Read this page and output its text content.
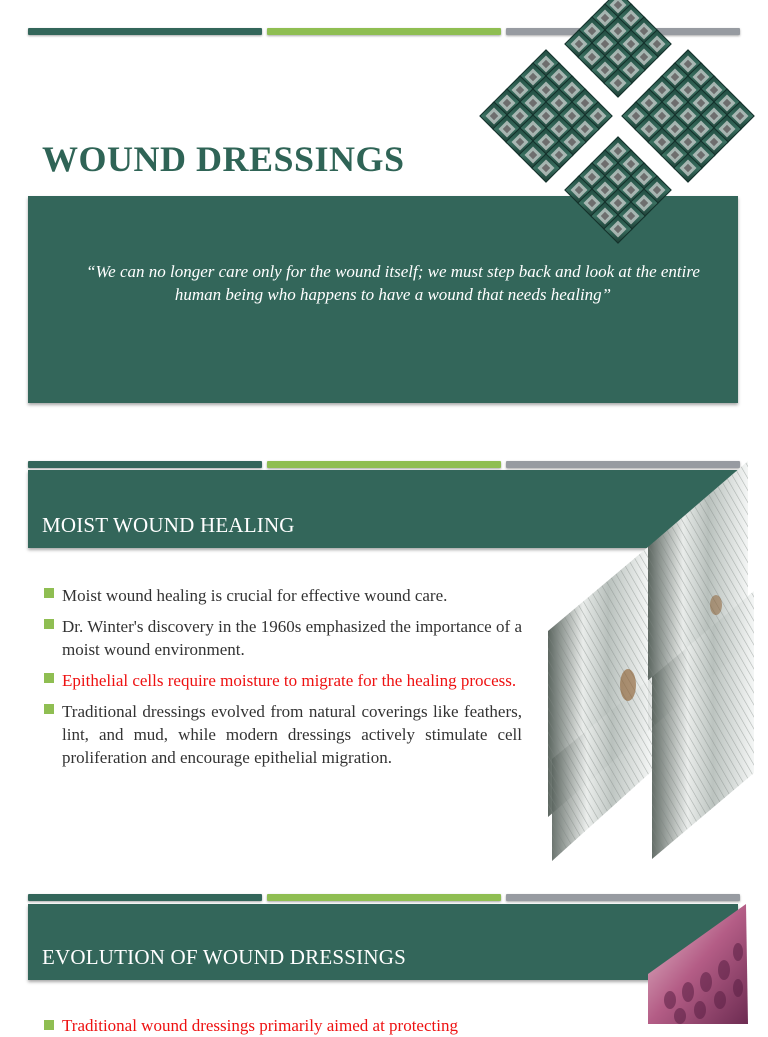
WOUND DRESSINGS
“We can no longer care only for the wound itself; we must step back and look at the entire human being who happens to have a wound that needs healing”
MOIST WOUND HEALING
Moist wound healing is crucial for effective wound care.
Dr. Winter's discovery in the 1960s emphasized the importance of a moist wound environment.
Epithelial cells require moisture to migrate for the healing process.
Traditional dressings evolved from natural coverings like feathers, lint, and mud, while modern dressings actively stimulate cell proliferation and encourage epithelial migration.
EVOLUTION OF WOUND DRESSINGS
Traditional wound dressings primarily aimed at protecting
